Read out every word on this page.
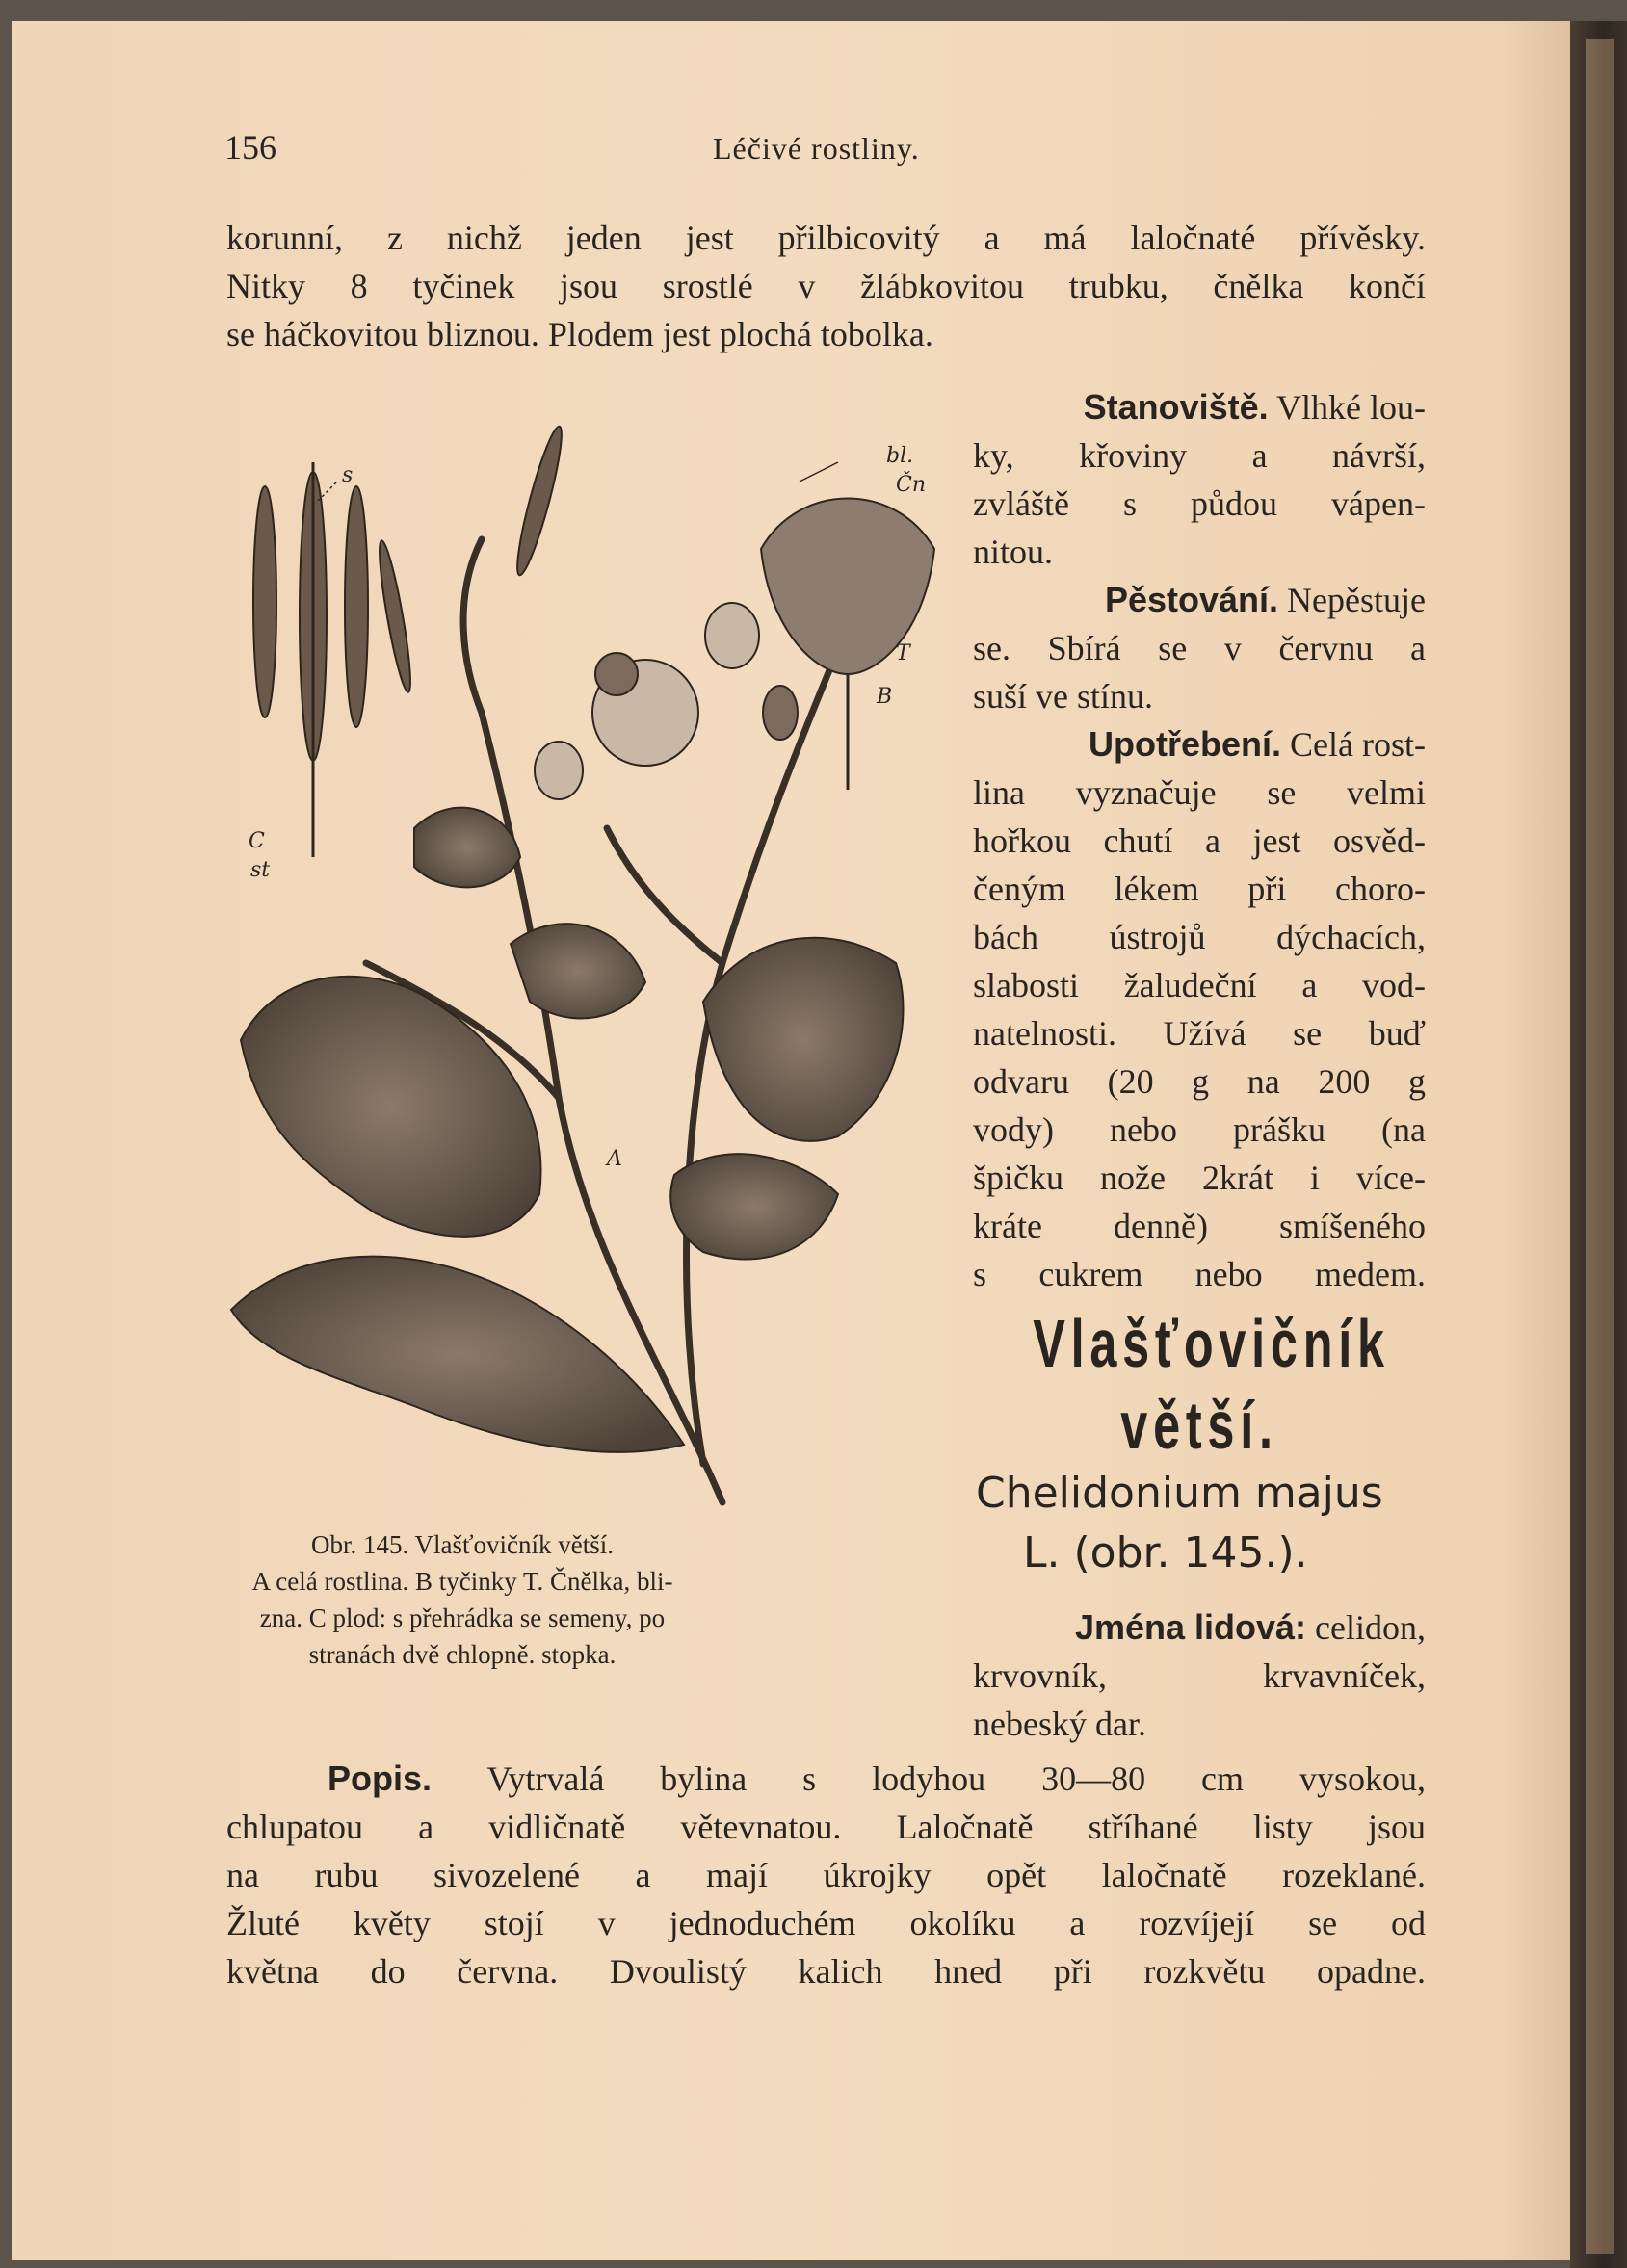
156	Léčivé rostliny.
korunní, z nichž jeden jest přilbicovitý a má laločnaté přívěsky.
Nitky 8 tyčinek jsou srostlé v žlábkovitou trubku, čnělka končí
se háčkovitou bliznou. Plodem jest plochá tobolka.
Stanoviště. Vlhké lou-
ky, křoviny a návrší,
zvláště s půdou vápen-
nitou.
Pěstování. Nepěstuje
se. Sbírá se v červnu a
suší ve stínu.
Upotřebení. Celá rost-
lina vyznačuje se velmi
hořkou chutí a jest osvěd-
čeným lékem při choro-
bách ústrojů dýchacích,
slabosti žaludeční a vod-
natelnosti. Užívá se buď
odvaru (20 g na 200 g
vody) nebo prášku (na
špičku nože 2krát i více-
kráte denně) smíšeného
s cukrem nebo medem.
s
C
st
A
B
T
bl.
Čn
Obr. 145. Vlašťovičník větší.
A celá rostlina. B tyčinky T. Čnělka, bli-
zna. C plod: s přehrádka se semeny, po
stranách dvě chlopně. stopka.
Vlašťovičník
větší.
Chelidonium majus
L. (obr. 145.).
Jména lidová: celidon,
krvovník, krvavníček,
nebeský dar.
Popis. Vytrvalá bylina s lodyhou 30—80 cm vysokou,
chlupatou a vidličnatě větevnatou. Laločnatě stříhané listy jsou
na rubu sivozelené a mají úkrojky opět laločnatě rozeklané.
Žluté květy stojí v jednoduchém okolíku a rozvíjejí se od
května do června. Dvoulistý kalich hned při rozkvětu opadne.
